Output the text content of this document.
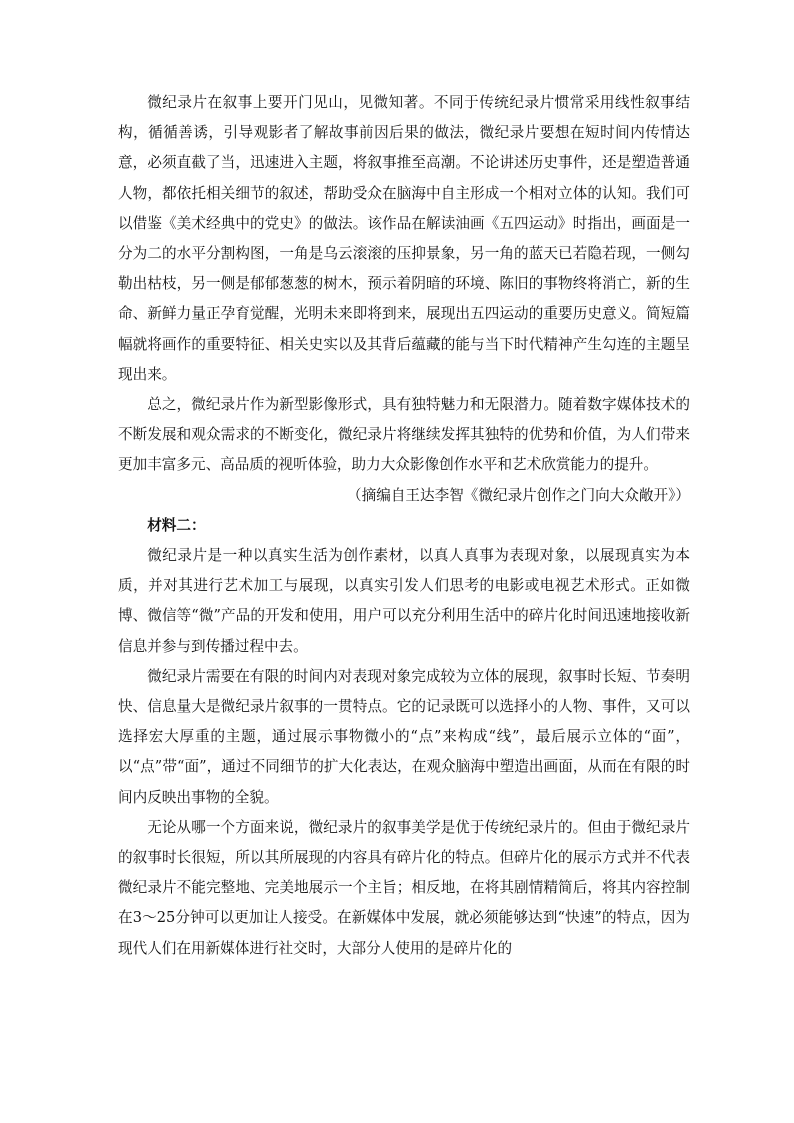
微纪录片在叙事上要开门见山，见微知著。不同于传统纪录片惯常采用线性叙事结构，循循善诱，引导观影者了解故事前因后果的做法，微纪录片要想在短时间内传情达意，必须直截了当，迅速进入主题，将叙事推至高潮。不论讲述历史事件，还是塑造普通人物，都依托相关细节的叙述，帮助受众在脑海中自主形成一个相对立体的认知。我们可以借鉴《美术经典中的党史》的做法。该作品在解读油画《五四运动》时指出，画面是一分为二的水平分割构图，一角是乌云滚滚的压抑景象，另一角的蓝天已若隐若现，一侧勾勒出枯枝，另一侧是郁郁葱葱的树木，预示着阴暗的环境、陈旧的事物终将消亡，新的生命、新鲜力量正孕育觉醒，光明未来即将到来，展现出五四运动的重要历史意义。简短篇幅就将画作的重要特征、相关史实以及其背后蕴藏的能与当下时代精神产生勾连的主题呈现出来。

总之，微纪录片作为新型影像形式，具有独特魅力和无限潜力。随着数字媒体技术的不断发展和观众需求的不断变化，微纪录片将继续发挥其独特的优势和价值，为人们带来更加丰富多元、高品质的视听体验，助力大众影像创作水平和艺术欣赏能力的提升。

（摘编自王达李智《微纪录片创作之门向大众敞开》）

材料二：

微纪录片是一种以真实生活为创作素材，以真人真事为表现对象，以展现真实为本质，并对其进行艺术加工与展现，以真实引发人们思考的电影或电视艺术形式。正如微博、微信等“微”产品的开发和使用，用户可以充分利用生活中的碎片化时间迅速地接收新信息并参与到传播过程中去。

微纪录片需要在有限的时间内对表现对象完成较为立体的展现，叙事时长短、节奏明快、信息量大是微纪录片叙事的一贯特点。它的记录既可以选择小的人物、事件，又可以选择宏大厚重的主题，通过展示事物微小的“点”来构成“线”，最后展示立体的“面”，以“点”带“面”，通过不同细节的扩大化表达，在观众脑海中塑造出画面，从而在有限的时间内反映出事物的全貌。

无论从哪一个方面来说，微纪录片的叙事美学是优于传统纪录片的。但由于微纪录片的叙事时长很短，所以其所展现的内容具有碎片化的特点。但碎片化的展示方式并不代表微纪录片不能完整地、完美地展示一个主旨；相反地，在将其剧情精简后，将其内容控制在3～25分钟可以更加让人接受。在新媒体中发展，就必须能够达到“快速”的特点，因为现代人们在用新媒体进行社交时，大部分人使用的是碎片化的
